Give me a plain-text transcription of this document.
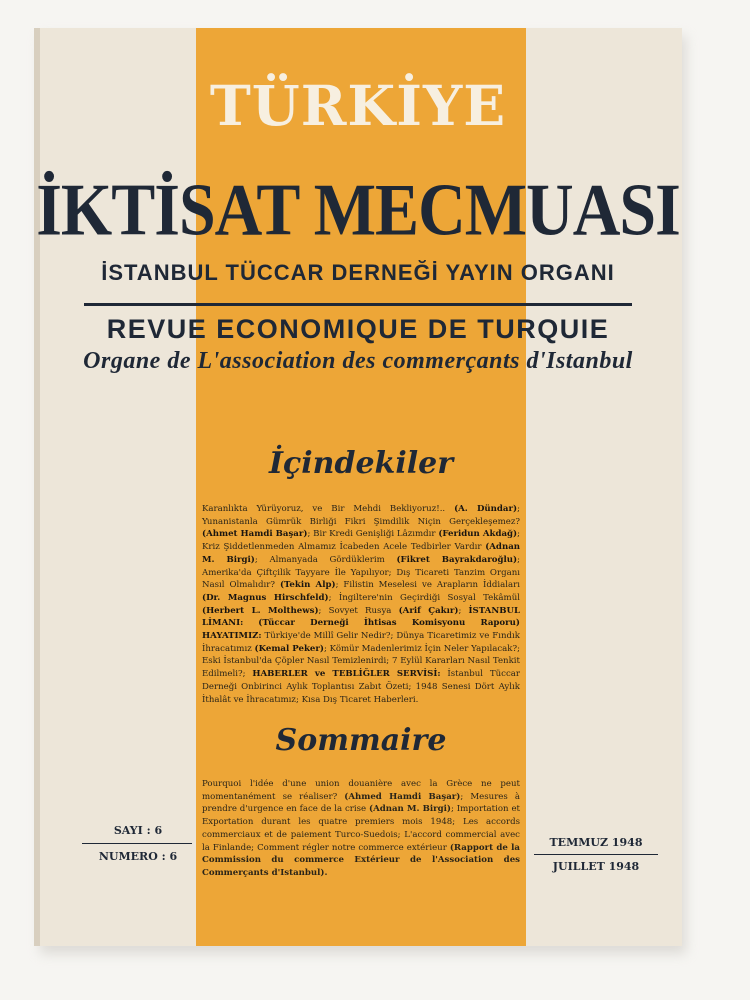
TÜRKİYE
İKTİSAT MECMUASI
İSTANBUL TÜCCAR DERNEĞİ YAYIN ORGANI
REVUE ECONOMIQUE DE TURQUIE
Organe de L'association des commerçants d'Istanbul
İçindekiler
Karanlıkta Yürüyoruz, ve Bir Mehdi Bekliyoruz!.. (A. Dündar); Yunanistanla Gümrük Birliği Fikri Şimdilik Niçin Gerçekleşemez? (Ahmet Hamdi Başar); Bir Kredi Genişliği Lâzımdır (Feridun Akdağ); Kriz Şiddetlenmeden Almamız İcabeden Acele Tedbirler Vardır (Adnan M. Birgi); Almanyada Gördüklerim (Fikret Bayrakdaroğlu); Amerika'da Çiftçilik Tayyare İle Yapılıyor; Dış Ticareti Tanzim Organı Nasıl Olmalıdır? (Tekin Alp); Filistin Meselesi ve Arapların İddiaları (Dr. Magnus Hirschfeld); İngiltere'nin Geçirdiği Sosyal Tekâmül (Herbert L. Molthews); Sovyet Rusya (Arif Çakır); İSTANBUL LİMANI: (Tüccar Derneği İhtisas Komisyonu Raporu) HAYATIMIZ: Türkiye'de Millî Gelir Nedir?; Dünya Ticaretimiz ve Fındık İhracatımız (Kemal Peker); Kömür Madenlerimiz İçin Neler Yapılacak?; Eski İstanbul'da Çöpler Nasıl Temizlenirdi; 7 Eylül Kararları Nasıl Tenkit Edilmeli?; HABERLER ve TEBLİĞLER SERVİSİ: İstanbul Tüccar Derneği Onbirinci Aylık Toplantısı Zabıt Özeti; 1948 Senesi Dört Aylık İthalât ve İhracatımız; Kısa Dış Ticaret Haberleri.
Sommaire
Pourquoi l'idée d'une union douanière avec la Grèce ne peut momentanément se réaliser? (Ahmed Hamdi Başar); Mesures à prendre d'urgence en face de la crise (Adnan M. Birgi); Importation et Exportation durant les quatre premiers mois 1948; Les accords commerciaux et de paiement Turco-Suedois; L'accord commercial avec la Finlande; Comment régler notre commerce extérieur (Rapport de la Commission du commerce Extérieur de l'Association des Commerçants d'Istanbul).
SAYI : 6
NUMERO : 6
TEMMUZ 1948
JUILLET 1948
